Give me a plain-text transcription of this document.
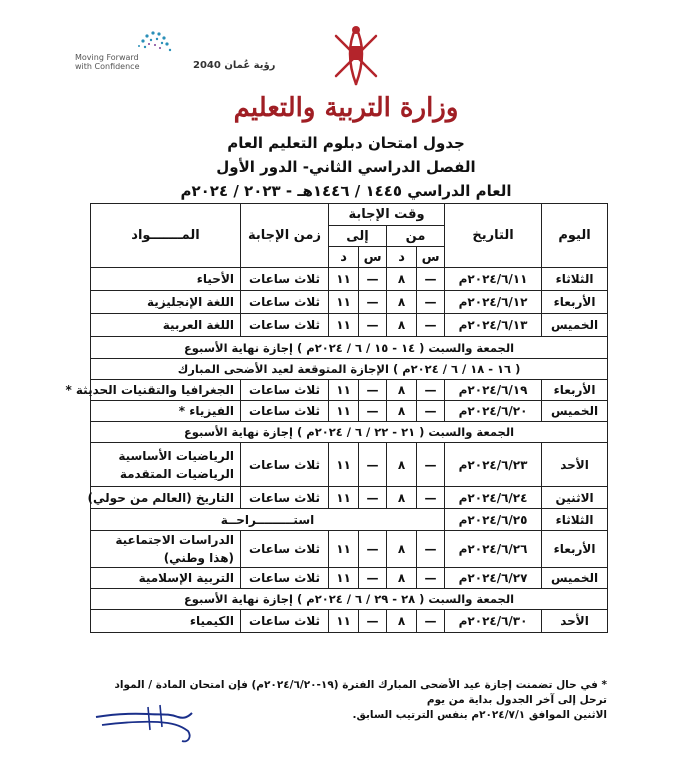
Moving Forward
with Confidence	رؤية عُمان 2040
وزارة التربية والتعليم
جدول امتحان دبلوم التعليم العام
الفصل الدراسي الثاني- الدور الأول
العام الدراسي ١٤٤٥ / ١٤٤٦هـ - ٢٠٢٣ / ٢٠٢٤م
اليوم	التاريخ	وقت الإجابة				زمن الإجابة	المـــــــواد
		من		إلى			
		س	د	س	د		
الثلاثاء	٢٠٢٤/٦/١١م	—	٨	—	١١	ثلاث ساعات	الأحياء

الأربعاء	٢٠٢٤/٦/١٢م	—	٨	—	١١	ثلاث ساعات	اللغة الإنجليزية

الخميس	٢٠٢٤/٦/١٣م	—	٨	—	١١	ثلاث ساعات	اللغة العربية

الجمعة والسبت ( ١٤ - ١٥ / ٦ / ٢٠٢٤م ) إجازة نهاية الأسبوع							
( ١٦ - ١٨ / ٦ / ٢٠٢٤م ) الإجازة المتوقعة لعيد الأضحى المبارك							
الأربعاء	٢٠٢٤/٦/١٩م	—	٨	—	١١	ثلاث ساعات	الجغرافيا والتقنيات الحديثة *

الخميس	٢٠٢٤/٦/٢٠م	—	٨	—	١١	ثلاث ساعات	الفيزياء *

الجمعة والسبت ( ٢١ - ٢٢ / ٦ / ٢٠٢٤م ) إجازة نهاية الأسبوع							
الأحد	٢٠٢٤/٦/٢٣م	—	٨	—	١١	ثلاث ساعات	الرياضيات الأساسية
الرياضيات المتقدمة

الاثنين	٢٠٢٤/٦/٢٤م	—	٨	—	١١	ثلاث ساعات	التاريخ (العالم من حولي)

الثلاثاء	٢٠٢٤/٦/٢٥م	استـــــــــراحــة					
الأربعاء	٢٠٢٤/٦/٢٦م	—	٨	—	١١	ثلاث ساعات	الدراسات الاجتماعية
(هذا وطني)

الخميس	٢٠٢٤/٦/٢٧م	—	٨	—	١١	ثلاث ساعات	التربية الإسلامية

الجمعة والسبت ( ٢٨ - ٢٩ / ٦ / ٢٠٢٤م ) إجازة نهاية الأسبوع							
الأحد	٢٠٢٤/٦/٣٠م	—	٨	—	١١	ثلاث ساعات	الكيمياء
* في حال تضمنت إجازة عيد الأضحى المبارك الفترة (١٩-٢٠٢٤/٦/٢٠م) فإن امتحان المادة / المواد ترحل إلى آخر الجدول بداية من يوم
الاثنين الموافق ٢٠٢٤/٧/١م بنفس الترتيب السابق.
